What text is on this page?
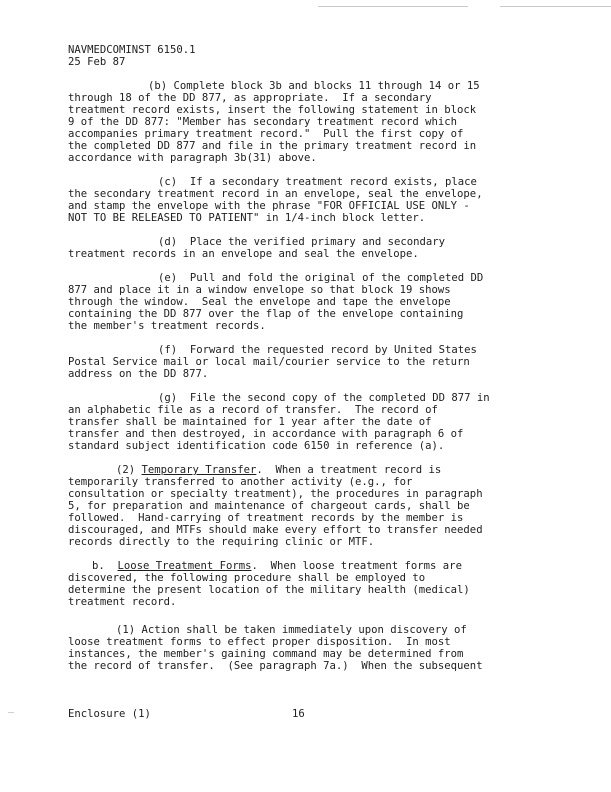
NAVMEDCOMINST 6150.1
25 Feb 87
(b) Complete block 3b and blocks 11 through 14 or 15
through 18 of the DD 877, as appropriate.  If a secondary
treatment record exists, insert the following statement in block
9 of the DD 877: "Member has secondary treatment record which
accompanies primary treatment record."  Pull the first copy of
the completed DD 877 and file in the primary treatment record in
accordance with paragraph 3b(31) above.
(c)  If a secondary treatment record exists, place
the secondary treatment record in an envelope, seal the envelope,
and stamp the envelope with the phrase "FOR OFFICIAL USE ONLY -
NOT TO BE RELEASED TO PATIENT" in 1/4-inch block letter.
(d)  Place the verified primary and secondary
treatment records in an envelope and seal the envelope.
(e)  Pull and fold the original of the completed DD
877 and place it in a window envelope so that block 19 shows
through the window.  Seal the envelope and tape the envelope
containing the DD 877 over the flap of the envelope containing
the member's treatment records.
(f)  Forward the requested record by United States
Postal Service mail or local mail/courier service to the return
address on the DD 877.
(g)  File the second copy of the completed DD 877 in
an alphabetic file as a record of transfer.  The record of
transfer shall be maintained for 1 year after the date of
transfer and then destroyed, in accordance with paragraph 6 of
standard subject identification code 6150 in reference (a).
(2) Temporary Transfer.  When a treatment record is
temporarily transferred to another activity (e.g., for
consultation or specialty treatment), the procedures in paragraph
5, for preparation and maintenance of chargeout cards, shall be
followed.  Hand-carrying of treatment records by the member is
discouraged, and MTFs should make every effort to transfer needed
records directly to the requiring clinic or MTF.
b. Loose Treatment Forms.  When loose treatment forms are
discovered, the following procedure shall be employed to
determine the present location of the military health (medical)
treatment record.
(1) Action shall be taken immediately upon discovery of
loose treatment forms to effect proper disposition.  In most
instances, the member's gaining command may be determined from
the record of transfer.  (See paragraph 7a.)  When the subsequent
Enclosure (1)	16
